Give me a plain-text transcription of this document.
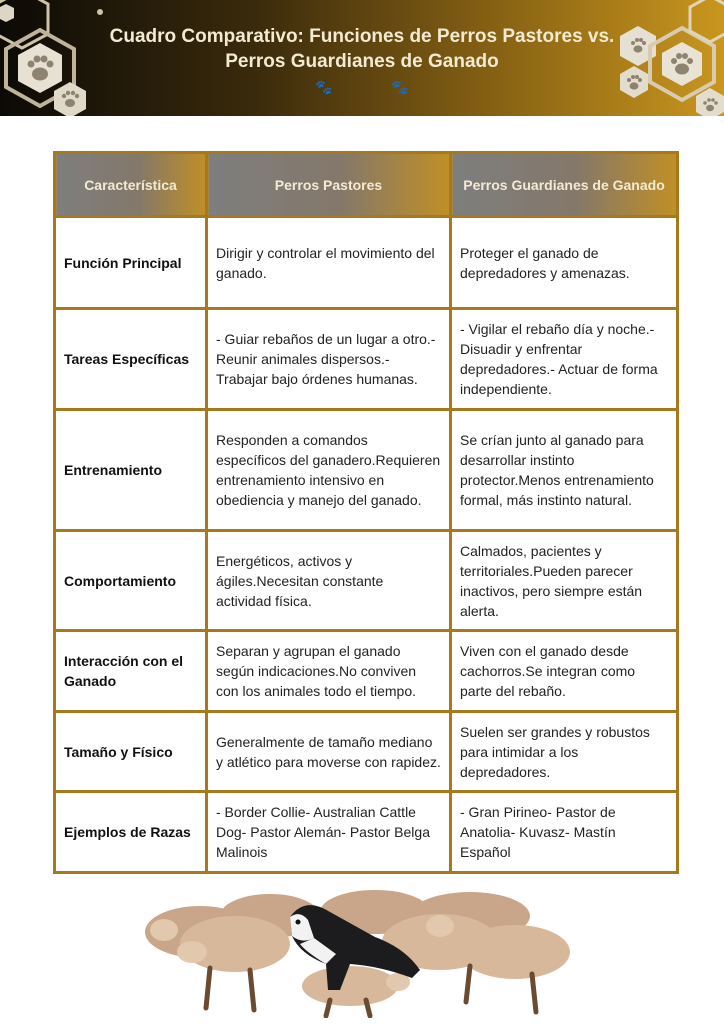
Cuadro Comparativo: Funciones de Perros Pastores vs. Perros Guardianes de Ganado
🐾	🐾
Característica	Perros Pastores	Perros Guardianes de Ganado
Función Principal	Dirigir y controlar el movimiento del ganado.	Proteger el ganado de depredadores y amenazas.
Tareas Específicas	- Guiar rebaños de un lugar a otro.- Reunir animales dispersos.- Trabajar bajo órdenes humanas.	- Vigilar el rebaño día y noche.- Disuadir y enfrentar depredadores.- Actuar de forma independiente.
Entrenamiento	Responden a comandos específicos del ganadero.Requieren entrenamiento intensivo en obediencia y manejo del ganado.	Se crían junto al ganado para desarrollar instinto protector.Menos entrenamiento formal, más instinto natural.
Comportamiento	Energéticos, activos y ágiles.Necesitan constante actividad física.	Calmados, pacientes y territoriales.Pueden parecer inactivos, pero siempre están alerta.
Interacción con el Ganado	Separan y agrupan el ganado según indicaciones.No conviven con los animales todo el tiempo.	Viven con el ganado desde cachorros.Se integran como parte del rebaño.
Tamaño y Físico	Generalmente de tamaño mediano y atlético para moverse con rapidez.	Suelen ser grandes y robustos para intimidar a los depredadores.
Ejemplos de Razas	- Border Collie- Australian Cattle Dog- Pastor Alemán- Pastor Belga Malinois	- Gran Pirineo- Pastor de Anatolia- Kuvasz- Mastín Español
